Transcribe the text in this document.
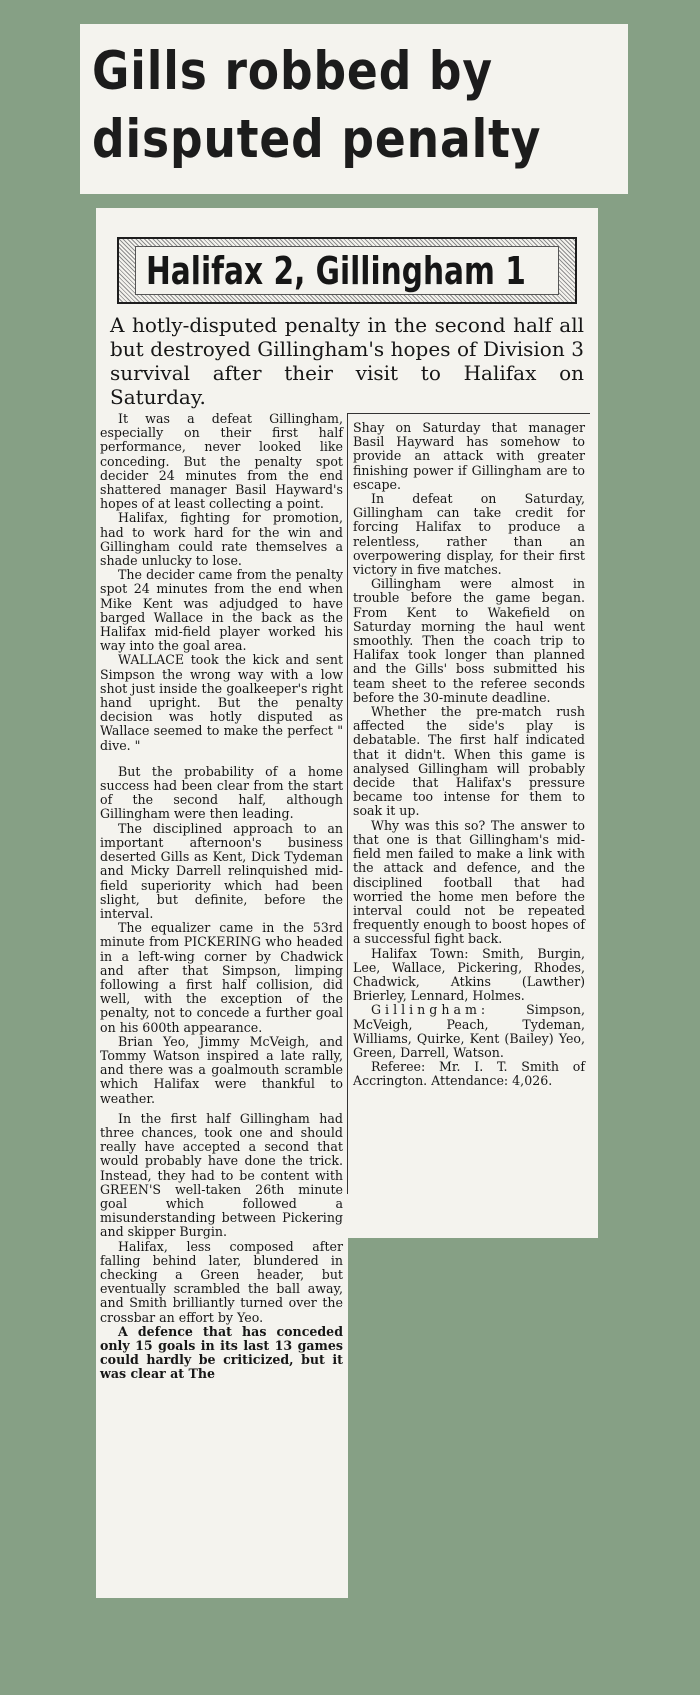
Gills robbed by
disputed penalty

Halifax 2, Gillingham 1

A hotly-disputed penalty in the second half all but destroyed Gillingham's hopes of Division 3 survival after their visit to Halifax on Saturday.

It was a defeat Gillingham, especially on their first half performance, never looked like conceding. But the penalty spot decider 24 minutes from the end shattered manager Basil Hayward's hopes of at least collecting a point.

Halifax, fighting for promotion, had to work hard for the win and Gillingham could rate themselves a shade unlucky to lose.

The decider came from the penalty spot 24 minutes from the end when Mike Kent was adjudged to have barged Wallace in the back as the Halifax mid-field player worked his way into the goal area.

WALLACE took the kick and sent Simpson the wrong way with a low shot just inside the goalkeeper's right hand upright. But the penalty decision was hotly disputed as Wallace seemed to make the perfect " dive. "

But the probability of a home success had been clear from the start of the second half, although Gillingham were then leading.

The disciplined approach to an important afternoon's business deserted Gills as Kent, Dick Tydeman and Micky Darrell relinquished mid-field superiority which had been slight, but definite, before the interval.

The equalizer came in the 53rd minute from PICKERING who headed in a left-wing corner by Chadwick and after that Simpson, limping following a first half collision, did well, with the exception of the penalty, not to concede a further goal on his 600th appearance.

Brian Yeo, Jimmy McVeigh, and Tommy Watson inspired a late rally, and there was a goalmouth scramble which Halifax were thankful to weather.

In the first half Gillingham had three chances, took one and should really have accepted a second that would probably have done the trick. Instead, they had to be content with GREEN'S well-taken 26th minute goal which followed a misunderstanding between Pickering and skipper Burgin.

Halifax, less composed after falling behind later, blundered in checking a Green header, but eventually scrambled the ball away, and Smith brilliantly turned over the crossbar an effort by Yeo.

A defence that has conceded only 15 goals in its last 13 games could hardly be criticized, but it was clear at The

Shay on Saturday that manager Basil Hayward has somehow to provide an attack with greater finishing power if Gillingham are to escape.

In defeat on Saturday, Gillingham can take credit for forcing Halifax to produce a relentless, rather than an overpowering display, for their first victory in five matches.

Gillingham were almost in trouble before the game began. From Kent to Wakefield on Saturday morning the haul went smoothly. Then the coach trip to Halifax took longer than planned and the Gills' boss submitted his team sheet to the referee seconds before the 30-minute deadline.

Whether the pre-match rush affected the side's play is debatable. The first half indicated that it didn't. When this game is analysed Gillingham will probably decide that Halifax's pressure became too intense for them to soak it up.

Why was this so? The answer to that one is that Gillingham's mid-field men failed to make a link with the attack and defence, and the disciplined football that had worried the home men before the interval could not be repeated frequently enough to boost hopes of a successful fight back.

Halifax Town: Smith, Burgin, Lee, Wallace, Pickering, Rhodes, Chadwick, Atkins (Lawther) Brierley, Lennard, Holmes.

Gillingham:	Simpson, McVeigh, Peach, Tydeman, Williams, Quirke, Kent (Bailey) Yeo, Green, Darrell, Watson.

Referee: Mr. I. T. Smith of Accrington. Attendance: 4,026.
